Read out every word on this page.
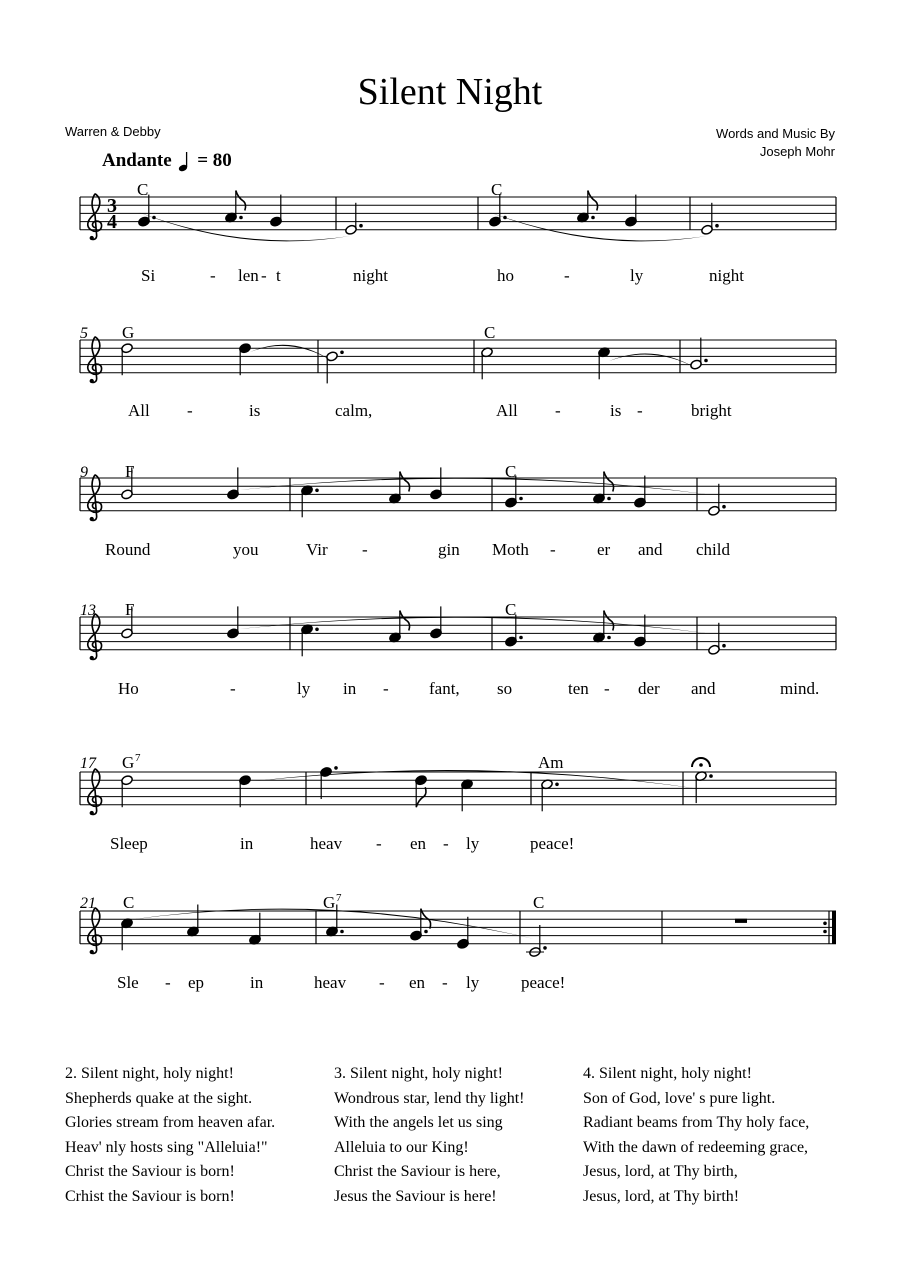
Silent Night
Warren & Debby	Words and Music By
Joseph Mohr
Andante = 80
3
4
C	C
Si	- len - t	night	ho	-	ly	night
5 G	C
All -	is	calm,	All -	is -	bright
9 F	C
Round	you	Vir -	gin Moth - er and child
13 F	C
Ho	-	ly in - fant, so	ten - der and	mind.
17 G 7	Am
Sleep	in	heav - en - ly	peace!
21 C	G 7	C
Sle - ep	in	heav - en - ly peace!
2. Silent night, holy night!
Shepherds quake at the sight.
Glories stream from heaven afar.
Heav' nly hosts sing "Alleluia!"
Christ the Saviour is born!
Crhist the Saviour is born!
3. Silent night, holy night!
Wondrous star, lend thy light!
With the angels let us sing
Alleluia to our King!
Christ the Saviour is here,
Jesus the Saviour is here!
4. Silent night, holy night!
Son of God, love' s pure light.
Radiant beams from Thy holy face,
With the dawn of redeeming grace,
Jesus, lord, at Thy birth,
Jesus, lord, at Thy birth!
